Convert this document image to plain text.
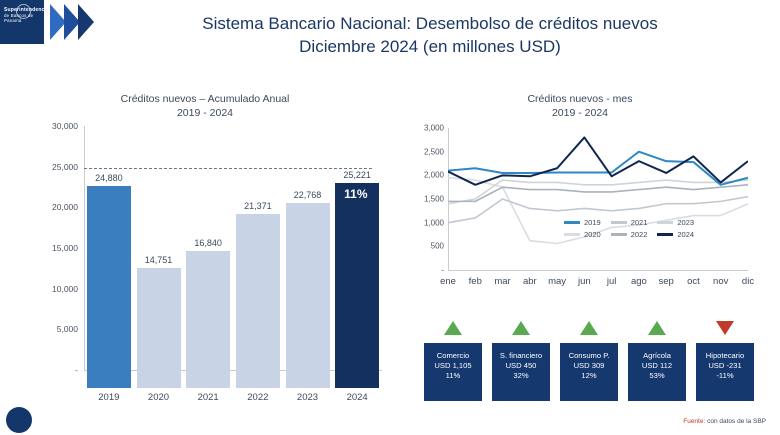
Superintendencia
de Bancos de Panamá	Sistema Bancario Nacional: Desembolso de créditos nuevos
Diciembre 2024 (en millones USD)
Créditos nuevos – Acumulado Anual
2019 - 2024
-
5,000
10,000
15,000
20,000
25,000
30,000
24,880
2019
14,751
2020
16,840
2021
21,371
2022
22,768
2023
25,221
2024
11%
Créditos nuevos - mes
2019 - 2024
-
500
1,000
1,500
2,000
2,500
3,000
ene feb mar abr may jun jul ago sep oct nov dic
2019
2020
2021
2022
2023
2024
Comercio
USD 1,105
11%
S. financiero
USD 450
32%
Consumo P.
USD 309
12%
Agrícola
USD 112
53%
Hipotecario
USD -231
-11%
Fuente: con datos de la SBP
